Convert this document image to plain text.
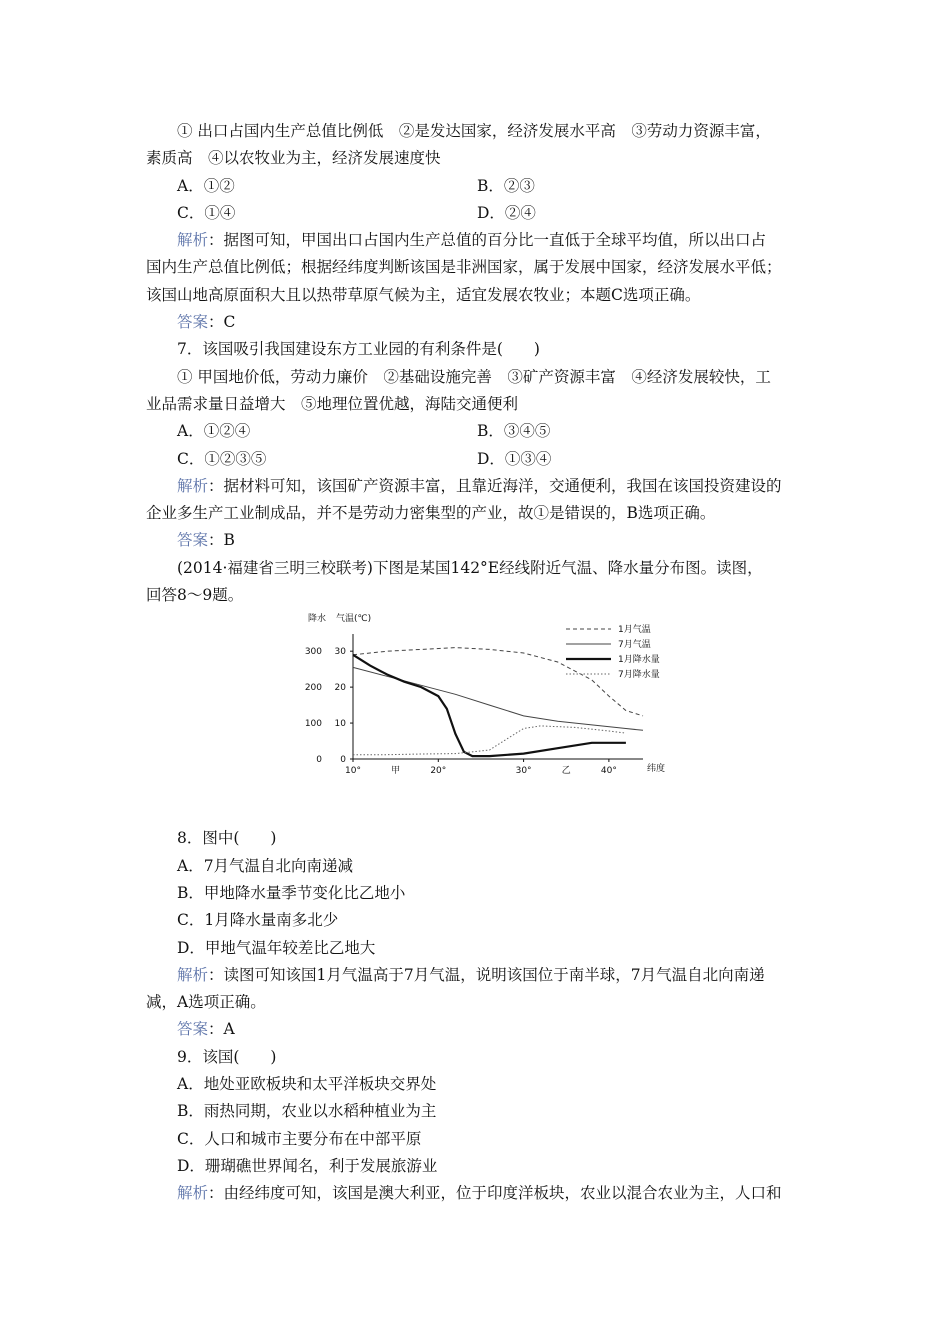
① 出口占国内生产总值比例低　②是发达国家，经济发展水平高　③劳动力资源丰富，
素质高　④以农牧业为主，经济发展速度快
A．①②	B．②③
C．①④	D．②④
解析：据图可知，甲国出口占国内生产总值的百分比一直低于全球平均值，所以出口占
国内生产总值比例低；根据经纬度判断该国是非洲国家，属于发展中国家，经济发展水平低；
该国山地高原面积大且以热带草原气候为主，适宜发展农牧业；本题C选项正确。
答案：C
7．该国吸引我国建设东方工业园的有利条件是(　　)
① 甲国地价低，劳动力廉价　②基础设施完善　③矿产资源丰富　④经济发展较快，工
业品需求量日益增大　⑤地理位置优越，海陆交通便利
A．①②④	B．③④⑤
C．①②③⑤	D．①③④
解析：据材料可知，该国矿产资源丰富，且靠近海洋，交通便利，我国在该国投资建设的
企业多生产工业制成品，并不是劳动力密集型的产业，故①是错误的，B选项正确。
答案：B
(2014·福建省三明三校联考)下图是某国142°E经线附近气温、降水量分布图。读图，
回答8～9题。
0
100
200
300
0
10
20
30
降水 气温(℃)
10°	20°	30°	40°
甲	乙	纬度
1月气温
7月气温
1月降水量
7月降水量
8．图中(　　)
A．7月气温自北向南递减
B．甲地降水量季节变化比乙地小
C．1月降水量南多北少
D．甲地气温年较差比乙地大
解析：读图可知该国1月气温高于7月气温，说明该国位于南半球，7月气温自北向南递
减，A选项正确。
答案：A
9．该国(　　)
A．地处亚欧板块和太平洋板块交界处
B．雨热同期，农业以水稻种植业为主
C．人口和城市主要分布在中部平原
D．珊瑚礁世界闻名，利于发展旅游业
解析：由经纬度可知，该国是澳大利亚，位于印度洋板块，农业以混合农业为主，人口和
